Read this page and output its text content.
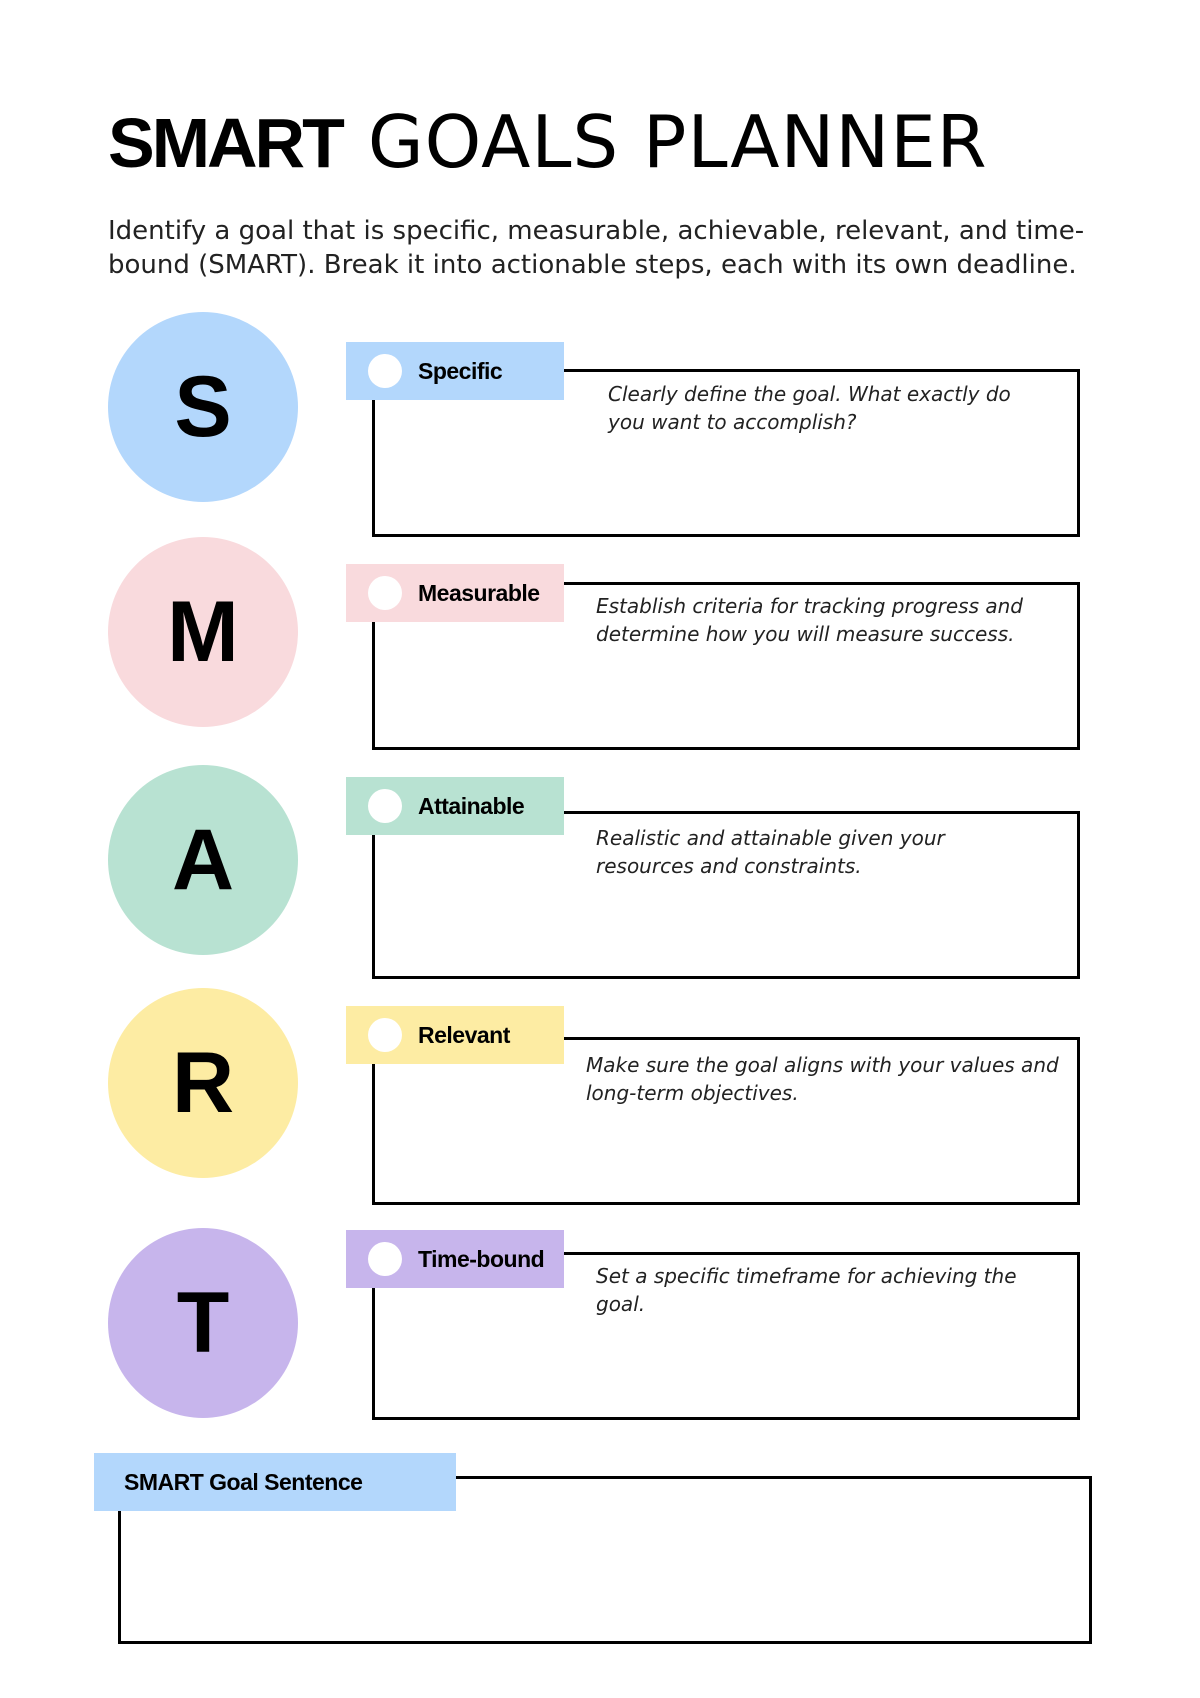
SMART GOALS PLANNER
Identify a goal that is specific, measurable, achievable, relevant, and time-bound (SMART). Break it into actionable steps, each with its own deadline.
S	Specific
Clearly define the goal. What exactly do you want to accomplish?
M	Measurable
Establish criteria for tracking progress and determine how you will measure success.
A
Attainable
Realistic and attainable given your resources and constraints.
R	Relevant
Make sure the goal aligns with your values and long-term objectives.
T
Time-bound
Set a specific timeframe for achieving the goal.
SMART Goal Sentence
